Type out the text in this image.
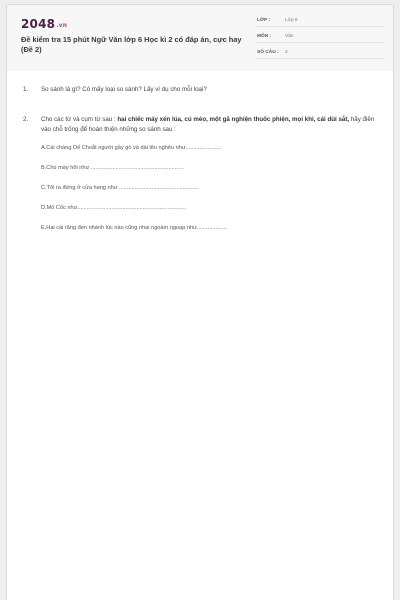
2048.vn
Đề kiểm tra 15 phút Ngữ Văn lớp 6 Học kì 2 có đáp án, cực hay (Đề 2)
LỚP :	Lớp 6
MÔN :	Văn
SỐ CÂU :	2
1. So sánh là gì? Có mấy loại so sánh? Lấy ví dụ cho mỗi loại?
2. Cho các từ và cụm từ sau : hai chiếc máy xén lúa, cú mèo, một gã nghiện thuốc phiện, mọi khi, cái dùi sắt, hãy điền vào chỗ trống để hoàn thiện những so sánh sau :
A.Cái chàng Dế Choắt người gầy gò và dài lêu nghêu như.......................
B.Chú mày hôi như ............................................................
C.Tôi ra đứng ở cửa hang như ...................................................
D.Mỏ Cốc như......................................................................
E.Hai cái răng đen nhánh lúc nào cũng nhai ngoàm ngoạp như...................
